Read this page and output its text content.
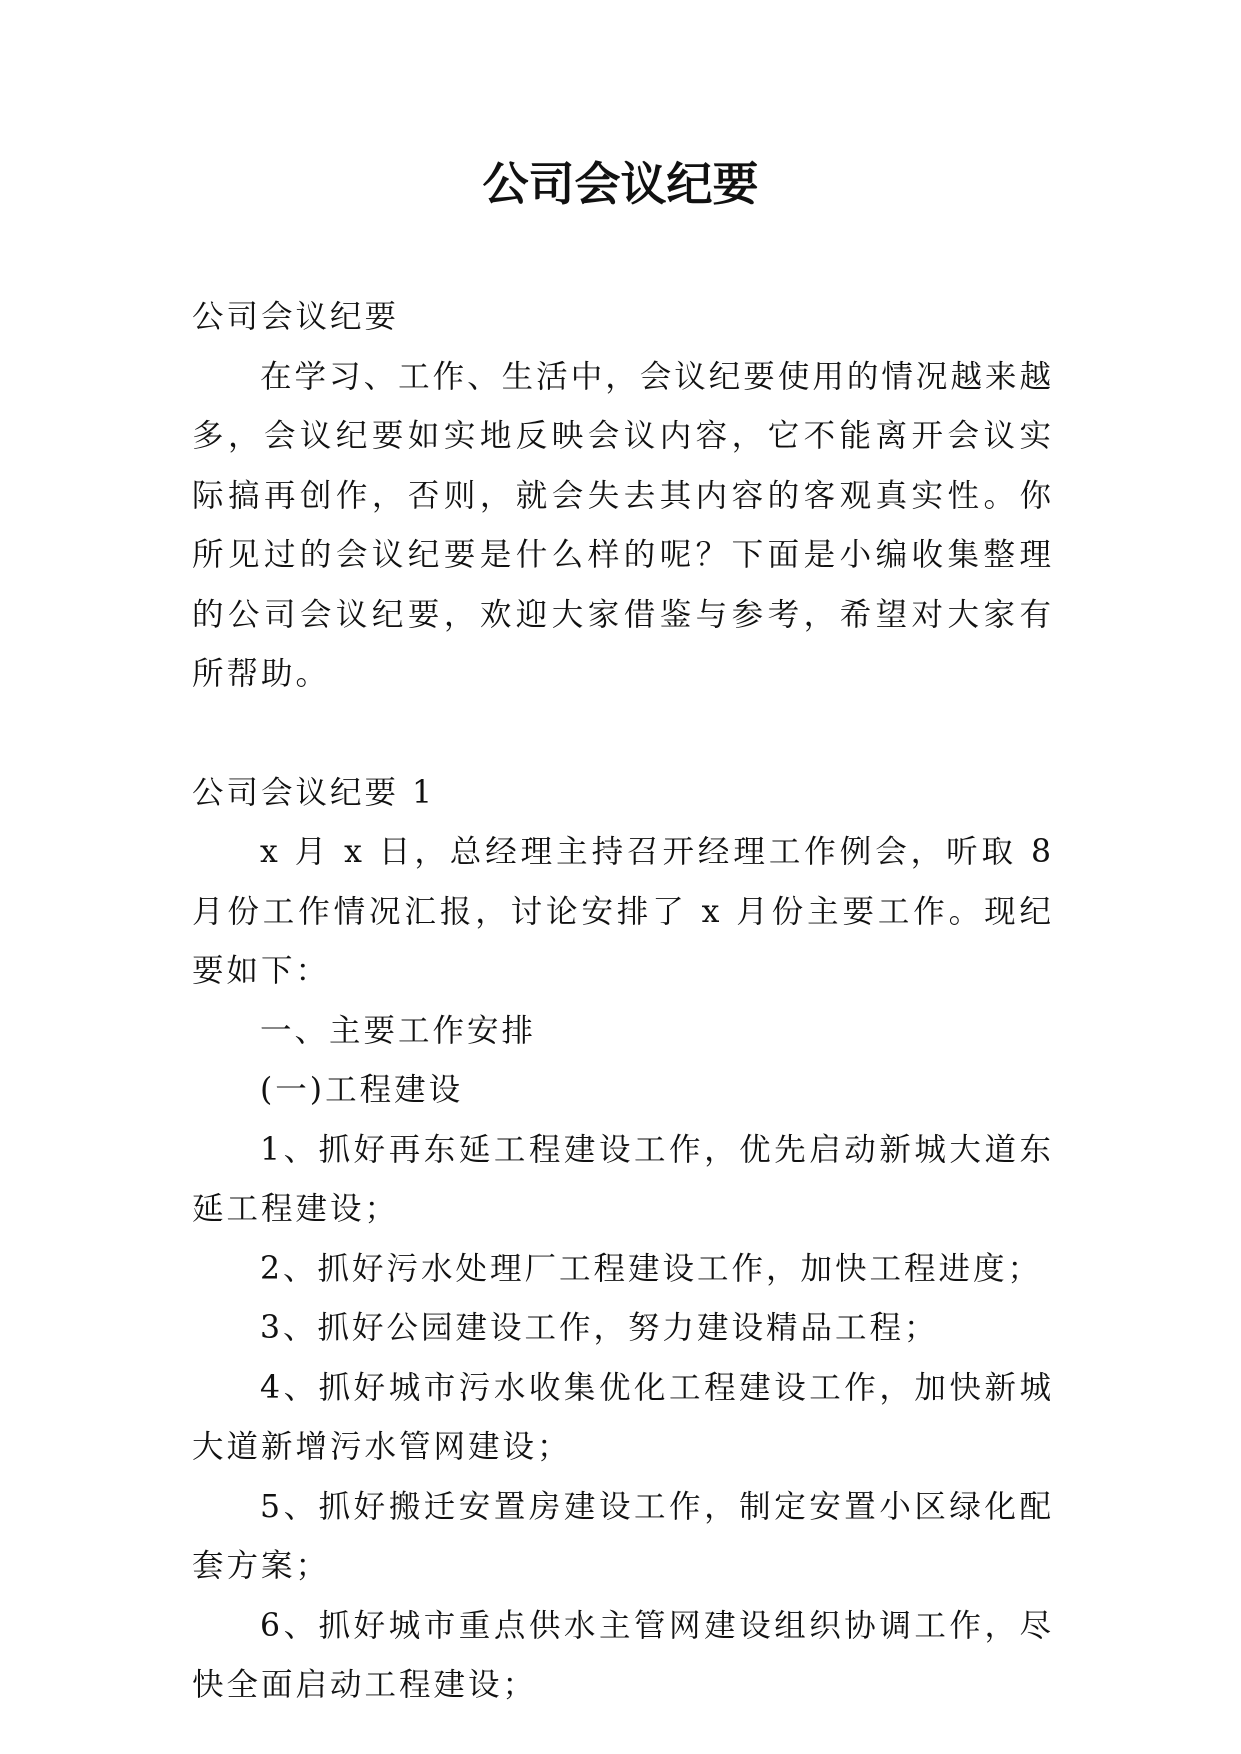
公司会议纪要

公司会议纪要

在学习、工作、生活中，会议纪要使用的情况越来越多，会议纪要如实地反映会议内容，它不能离开会议实际搞再创作，否则，就会失去其内容的客观真实性。你所见过的会议纪要是什么样的呢？下面是小编收集整理的公司会议纪要，欢迎大家借鉴与参考，希望对大家有所帮助。

公司会议纪要 1

x 月 x 日，总经理主持召开经理工作例会，听取 8 月份工作情况汇报，讨论安排了 x 月份主要工作。现纪要如下：

一、主要工作安排

(一)工程建设

1、抓好再东延工程建设工作，优先启动新城大道东延工程建设；

2、抓好污水处理厂工程建设工作，加快工程进度；

3、抓好公园建设工作，努力建设精品工程；

4、抓好城市污水收集优化工程建设工作，加快新城大道新增污水管网建设；

5、抓好搬迁安置房建设工作，制定安置小区绿化配套方案；

6、抓好城市重点供水主管网建设组织协调工作，尽快全面启动工程建设；
